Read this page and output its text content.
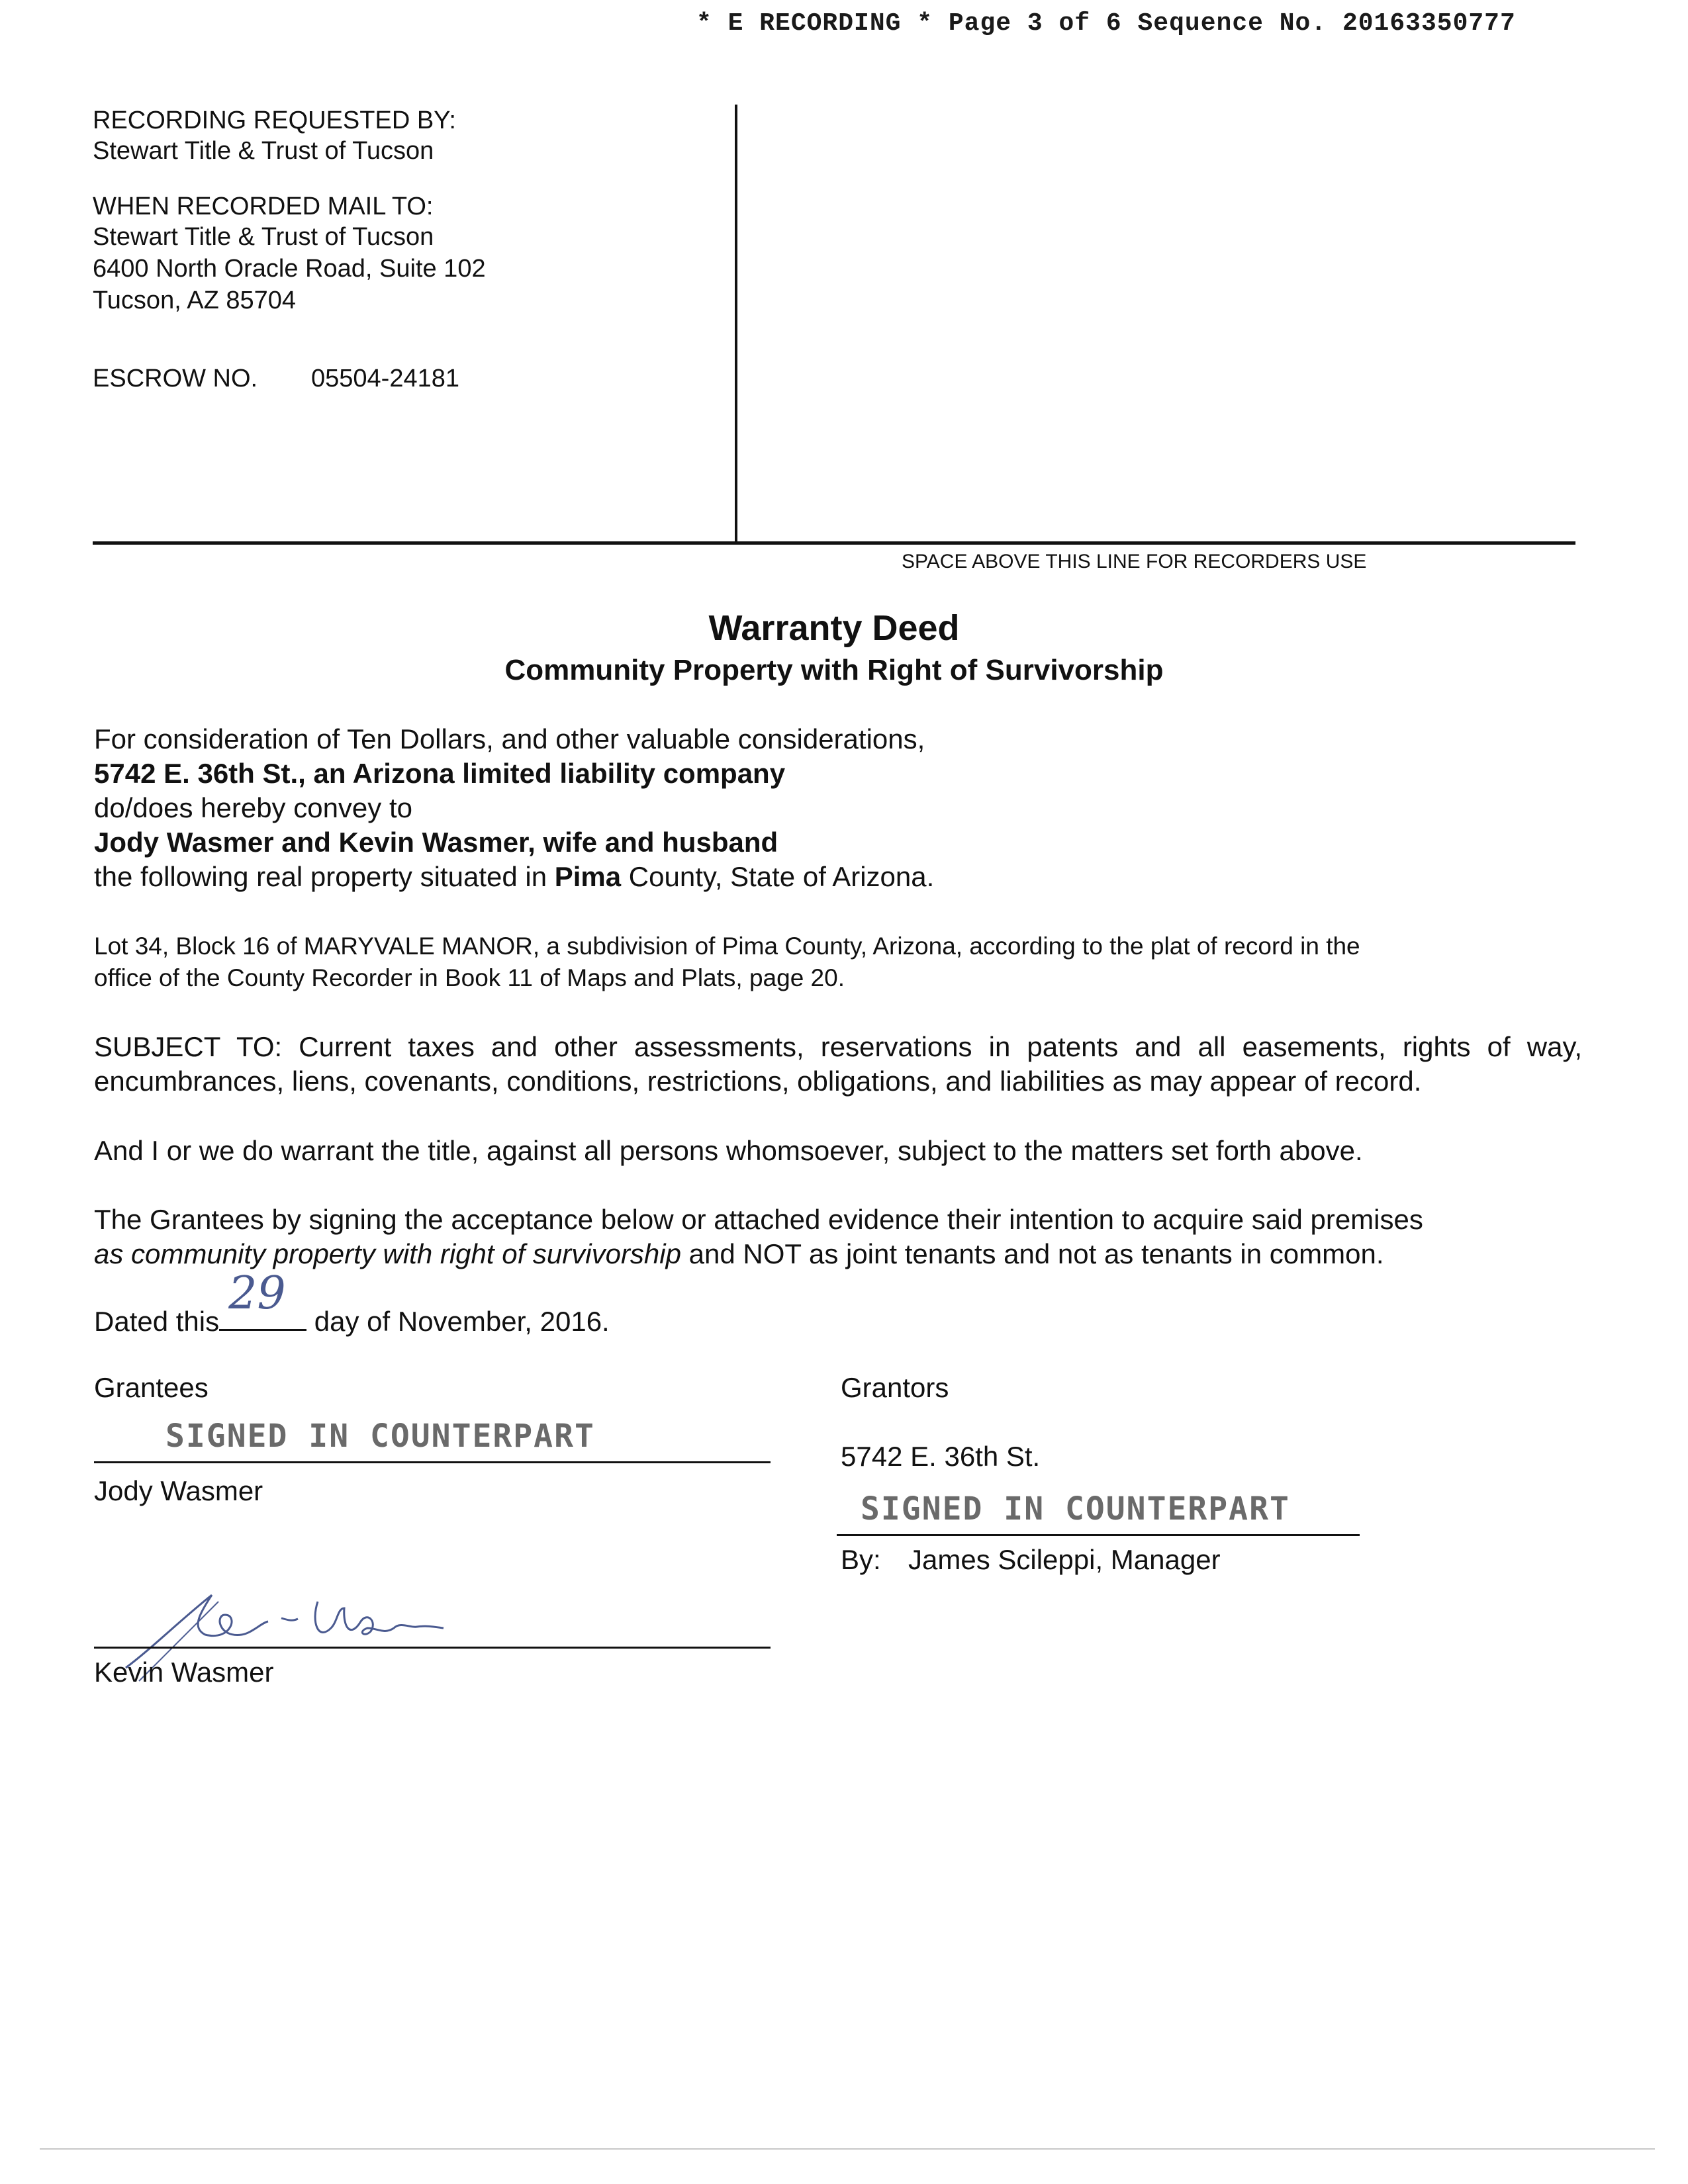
* E RECORDING * Page 3 of 6 Sequence No. 20163350777
RECORDING REQUESTED BY:
Stewart Title & Trust of Tucson
WHEN RECORDED MAIL TO:
Stewart Title & Trust of Tucson
6400 North Oracle Road, Suite 102
Tucson, AZ 85704
ESCROW NO. 05504-24181
SPACE ABOVE THIS LINE FOR RECORDERS USE
Warranty Deed
Community Property with Right of Survivorship
For consideration of Ten Dollars, and other valuable considerations,
5742 E. 36th St., an Arizona limited liability company
do/does hereby convey to
Jody Wasmer and Kevin Wasmer, wife and husband
the following real property situated in Pima County, State of Arizona.
Lot 34, Block 16 of MARYVALE MANOR, a subdivision of Pima County, Arizona, according to the plat of record in the
office of the County Recorder in Book 11 of Maps and Plats, page 20.
SUBJECT TO: Current taxes and other assessments, reservations in patents and all easements, rights of way, encumbrances, liens, covenants, conditions, restrictions, obligations, and liabilities as may appear of record.
And I or we do warrant the title, against all persons whomsoever, subject to the matters set forth above.
The Grantees by signing the acceptance below or attached evidence their intention to acquire said premises
as community property with right of survivorship and NOT as joint tenants and not as tenants in common.
Dated this
29
day of November, 2016.
Grantees
SIGNED IN COUNTERPART
Jody Wasmer
Kevin Wasmer
Grantors
5742 E. 36th St.
SIGNED IN COUNTERPART
By: James Scileppi, Manager
